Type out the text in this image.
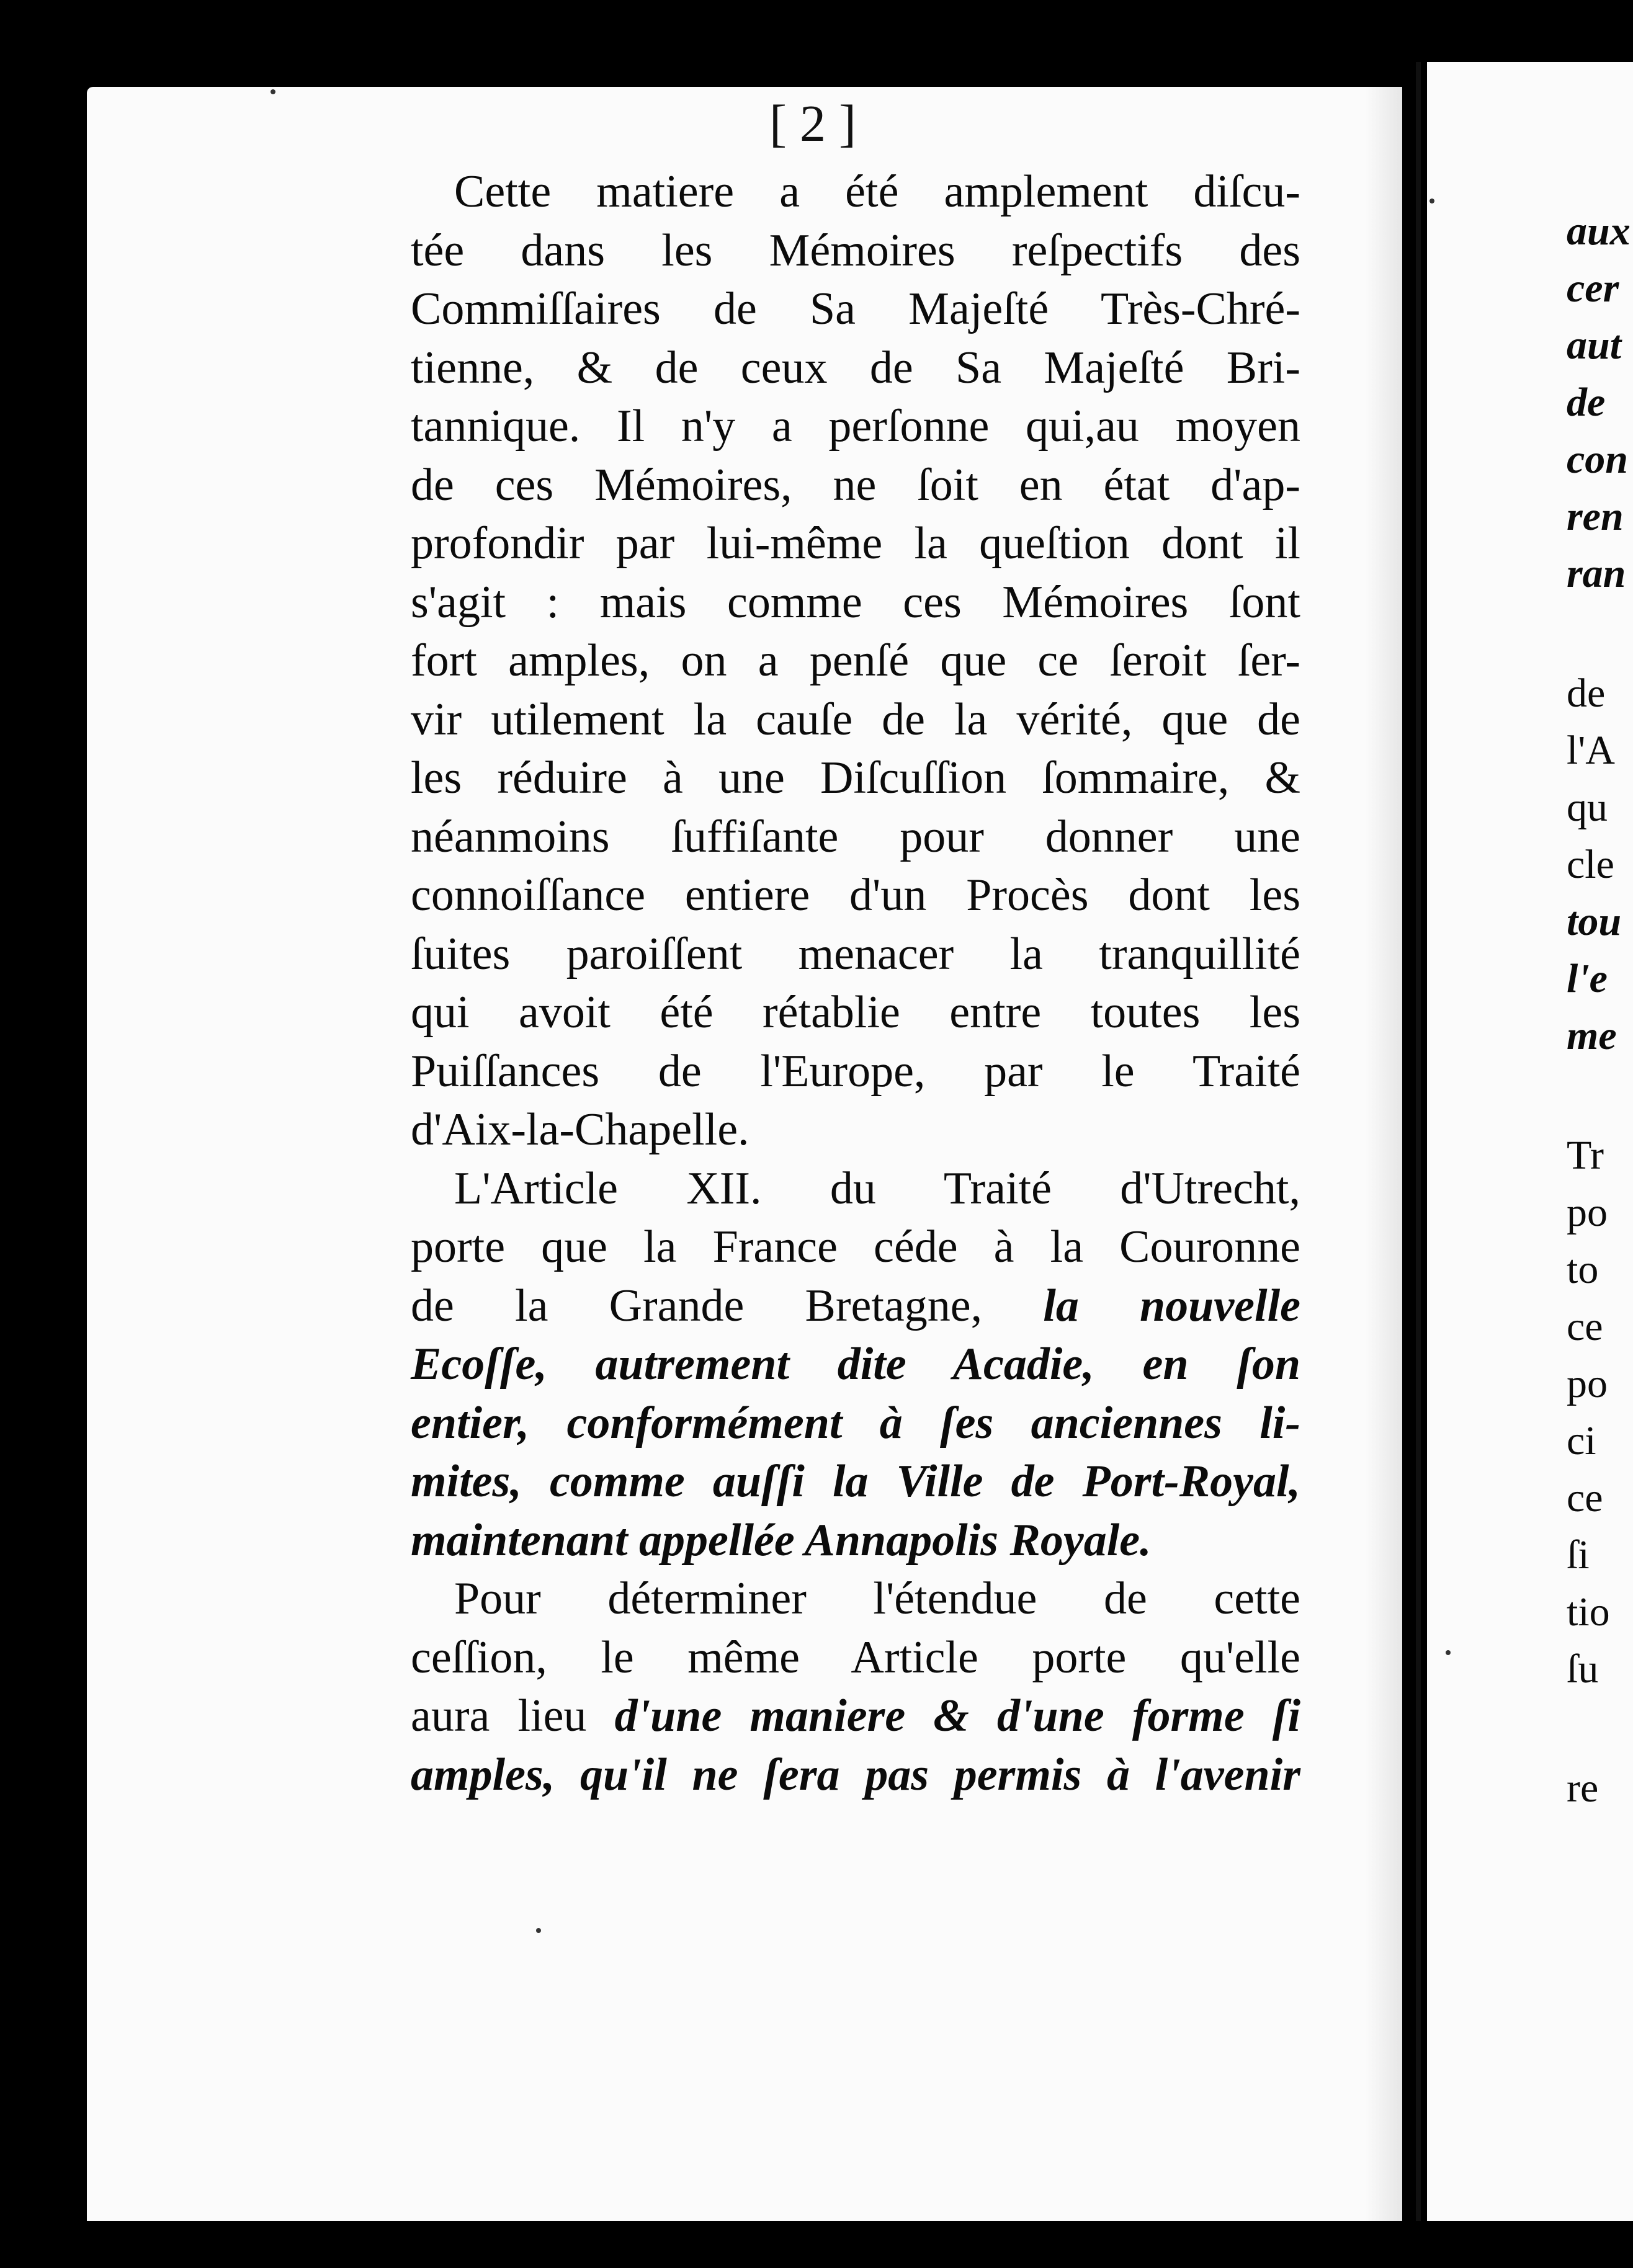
[ 2 ]
Cette matiere a été amplement diſcu-
tée dans les Mémoires reſpectifs des
Commiſſaires de Sa Majeſté Très-Chré-
tienne, & de ceux de Sa Majeſté Bri-
tannique. Il n'y a perſonne qui,au moyen
de ces Mémoires, ne ſoit en état d'ap-
profondir par lui-même la queſtion dont il
s'agit : mais comme ces Mémoires ſont
fort amples, on a penſé que ce ſeroit ſer-
vir utilement la cauſe de la vérité, que de
les réduire à une Diſcuſſion ſommaire, &
néanmoins ſuffiſante pour donner une
connoiſſance entiere d'un Procès dont les
ſuites paroiſſent menacer la tranquillité
qui avoit été rétablie entre toutes les
Puiſſances de l'Europe, par le Traité
d'Aix-la-Chapelle.
L'Article XII. du Traité d'Utrecht,
porte que la France céde à la Couronne
de la Grande Bretagne, la nouvelle
Ecoſſe, autrement dite Acadie, en ſon
entier, conformément à ſes anciennes li-
mites, comme auſſi la Ville de Port-Royal,
maintenant appellée Annapolis Royale.
Pour déterminer l'étendue de cette
ceſſion, le même Article porte qu'elle
aura lieu d'une maniere & d'une forme ſi
amples, qu'il ne ſera pas permis à l'avenir
aux
cer
aut
de
con
ren
ran
de
l'A
qu
cle
tou
l'e
me
Tr
po
to
ce
po
ci
ce
ſi
tio
ſu
re
